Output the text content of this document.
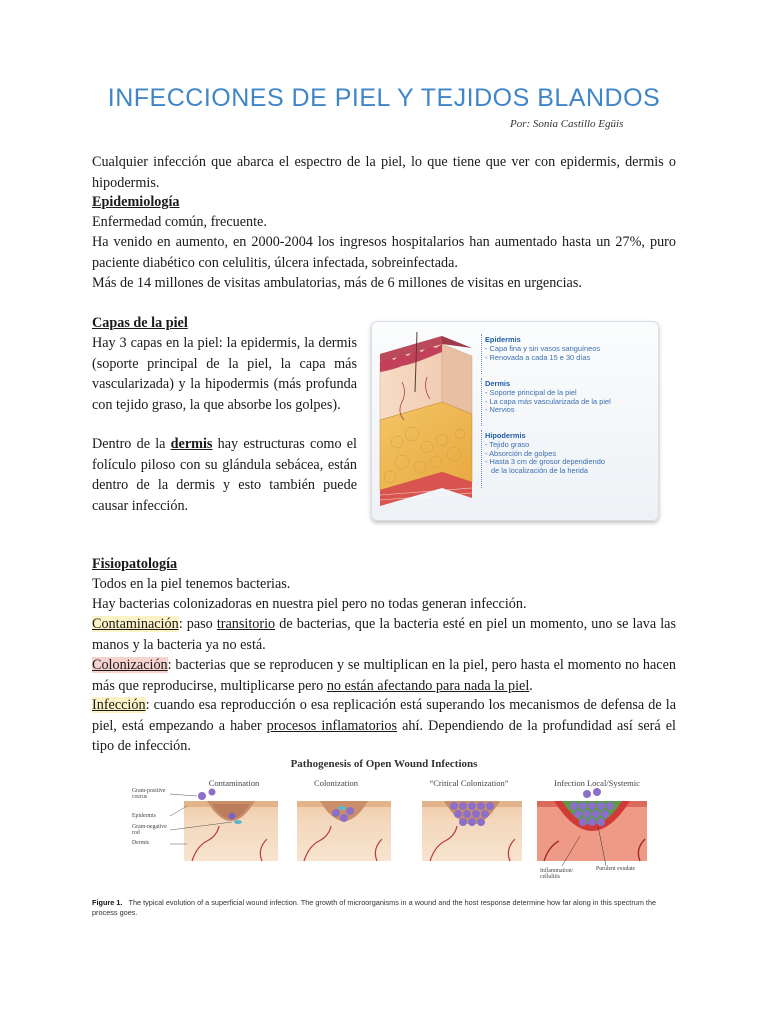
INFECCIONES DE PIEL Y TEJIDOS BLANDOS
Por: Sonia Castillo Egüis

Cualquier infección que abarca el espectro de la piel, lo que tiene que ver con epidermis, dermis o hipodermis.

Epidemiología

Enfermedad común, frecuente.

Ha venido en aumento, en 2000-2004 los ingresos hospitalarios han aumentado hasta un 27%, puro paciente diabético con celulitis, úlcera infectada, sobreinfectada.

Más de 14 millones de visitas ambulatorias, más de 6 millones de visitas en urgencias.

Capas de la piel

Hay 3 capas en la piel: la epidermis, la dermis (soporte principal de la piel, la capa más vascularizada) y la hipodermis (más profunda con tejido graso, la que absorbe los golpes).

Dentro de la dermis hay estructuras como el folículo piloso con su glándula sebácea, están dentro de la dermis y esto también puede causar infección.

Epidermis
- Capa fina y sin vasos sanguíneos
- Renovada a cada 15 e 30 días
Dermis
- Soporte principal de la piel
- La capa más vascularizada de la piel
- Nervios
Hipodermis
- Tejido graso
- Absorción de golpes
- Hasta 3 cm de grosor dependiendo
de la localización de la herida
Fisiopatología

Todos en la piel tenemos bacterias.

Hay bacterias colonizadoras en nuestra piel pero no todas generan infección.

Contaminación: paso transitorio de bacterias, que la bacteria esté en piel un momento, uno se lava las manos y la bacteria ya no está.

Colonización: bacterias que se reproducen y se multiplican en la piel, pero hasta el momento no hacen más que reproducirse, multiplicarse pero no están afectando para nada la piel.

Infección: cuando esa reproducción o esa replicación está superando los mecanismos de defensa de la piel, está empezando a haber procesos inflamatorios ahí. Dependiendo de la profundidad así será el tipo de infección.

Pathogenesis of Open Wound Infections
Contamination	Colonization	“Critical Colonization”	Infection Local/Systemic
Gram-positive cocrus
Epidermis
Gram-negative rod
Dermis
Inflammation/ cellulitis
Purulent exudate
Figure 1. The typical evolution of a superficial wound infection. The growth of microorganisms in a wound and the host response determine how far along in this spectrum the process goes.
